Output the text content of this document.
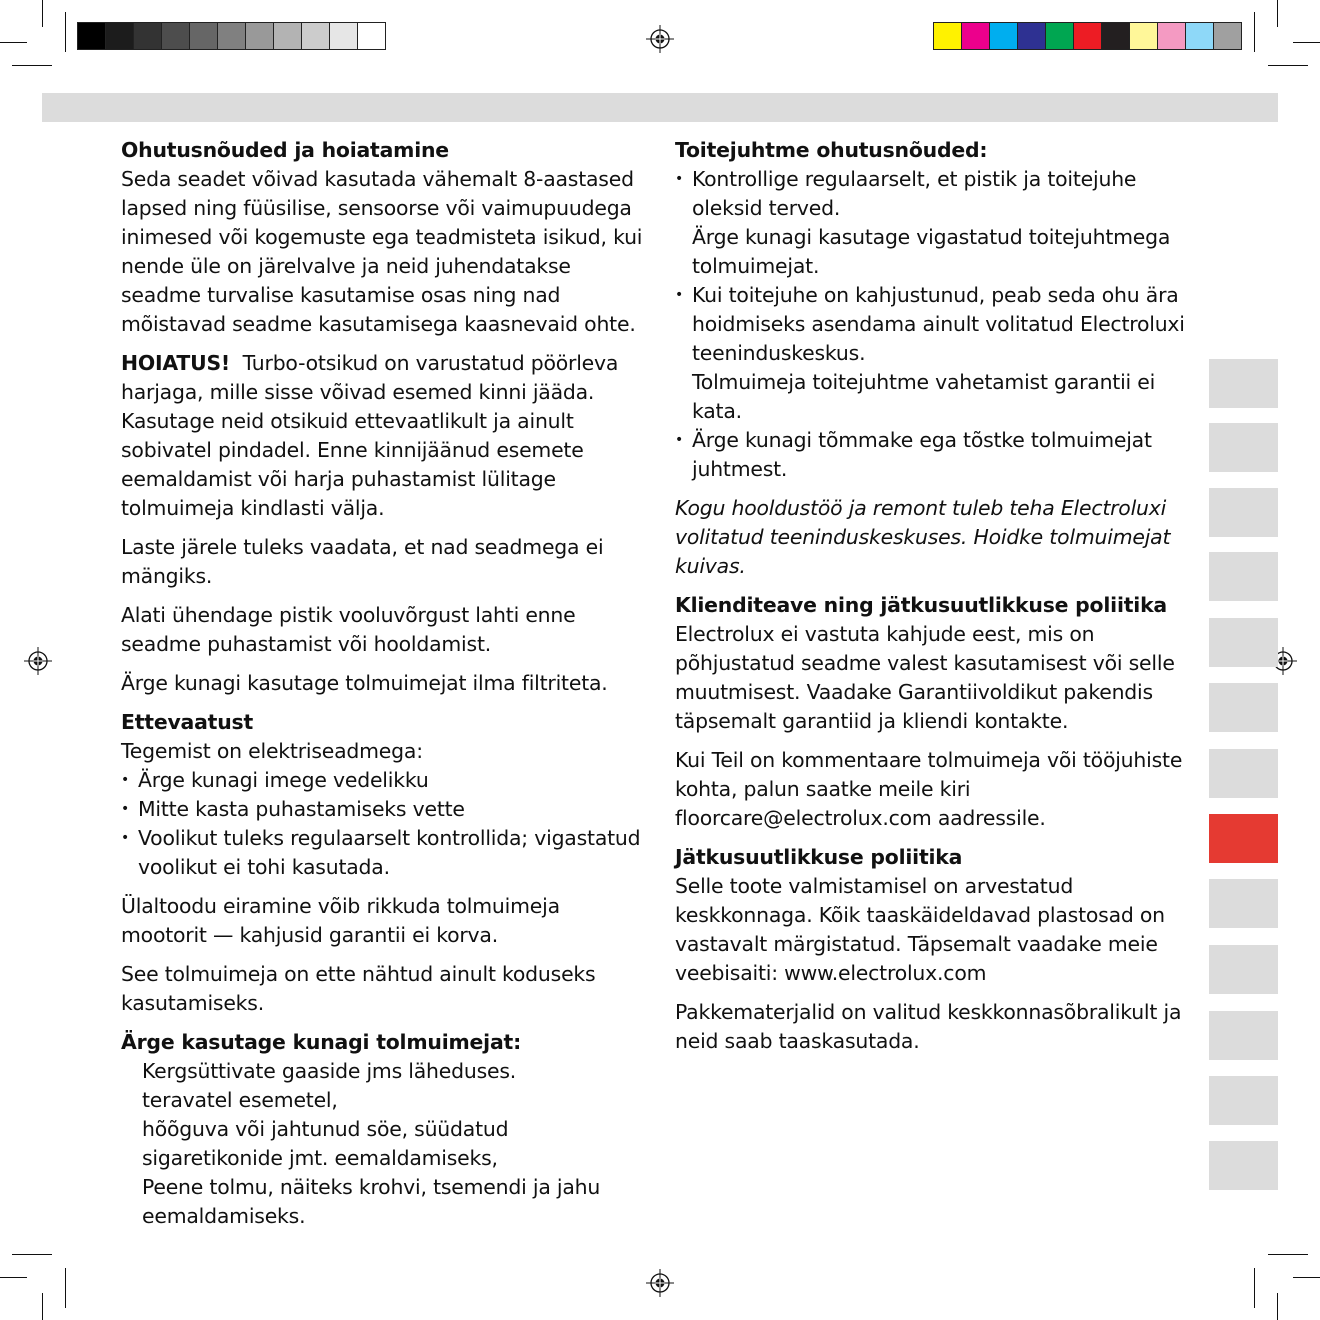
Ohutusnõuded ja hoiatamine

Seda seadet võivad kasutada vähemalt 8-aastased lapsed ning füüsilise, sensoorse või vaimupuudega inimesed või kogemuste ega teadmisteta isikud, kui nende üle on järelvalve ja neid juhendatakse seadme turvalise kasutamise osas ning nad mõistavad seadme kasutamisega kaasnevaid ohte.

HOIATUS! Turbo-otsikud on varustatud pöörleva harjaga, mille sisse võivad esemed kinni jääda. Kasutage neid otsikuid ettevaatlikult ja ainult sobivatel pindadel. Enne kinnijäänud esemete eemaldamist või harja puhastamist lülitage tolmuimeja kindlasti välja.

Laste järele tuleks vaadata, et nad seadmega ei mängiks.

Alati ühendage pistik vooluvõrgust lahti enne seadme puhastamist või hooldamist.

Ärge kunagi kasutage tolmuimejat ilma filtriteta.

Ettevaatust
Tegemist on elektriseadmega:
• Ärge kunagi imege vedelikku
• Mitte kasta puhastamiseks vette
• Voolikut tuleks regulaarselt kontrollida; vigastatud voolikut ei tohi kasutada.

Ülaltoodu eiramine võib rikkuda tolmuimeja mootorit — kahjusid garantii ei korva.

See tolmuimeja on ette nähtud ainult koduseks kasutamiseks.

Ärge kasutage kunagi tolmuimejat:
Kergsüttivate gaaside jms läheduses.
teravatel esemetel,
hõõguva või jahtunud söe, süüdatud sigaretikonide jmt. eemaldamiseks,
Peene tolmu, näiteks krohvi, tsemendi ja jahu eemaldamiseks.
Toitejuhtme ohutusnõuded:
• Kontrollige regulaarselt, et pistik ja toitejuhe oleksid terved.
Ärge kunagi kasutage vigastatud toitejuhtmega tolmuimejat.
• Kui toitejuhe on kahjustunud, peab seda ohu ära hoidmiseks asendama ainult volitatud Electroluxi teeninduskeskus.
Tolmuimeja toitejuhtme vahetamist garantii ei kata.
• Ärge kunagi tõmmake ega tõstke tolmuimejat juhtmest.

Kogu hooldustöö ja remont tuleb teha Electroluxi volitatud teeninduskeskuses. Hoidke tolmuimejat kuivas.

Klienditeave ning jätkusuutlikkuse poliitika

Electrolux ei vastuta kahjude eest, mis on põhjustatud seadme valest kasutamisest või selle muutmisest. Vaadake Garantiivoldikut pakendis täpsemalt garantiid ja kliendi kontakte.

Kui Teil on kommentaare tolmuimeja või tööjuhiste kohta, palun saatke meile kiri floorcare@electrolux.com aadressile.

Jätkusuutlikkuse poliitika

Selle toote valmistamisel on arvestatud keskkonnaga. Kõik taaskäideldavad plastosad on vastavalt märgistatud. Täpsemalt vaadake meie veebisaiti: www.electrolux.com

Pakkematerjalid on valitud keskkonnasõbralikult ja neid saab taaskasutada.
